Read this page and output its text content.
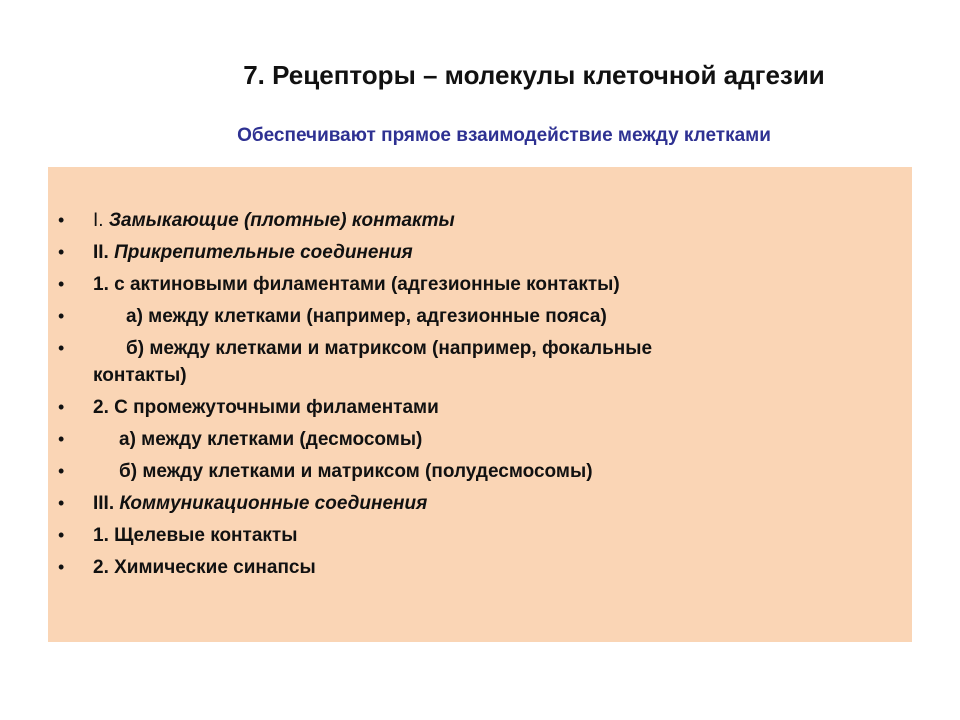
7. Рецепторы – молекулы клеточной адгезии
Обеспечивают прямое взаимодействие между клетками
• I. Замыкающие (плотные) контакты
• II. Прикрепительные соединения
• 1. с актиновыми филаментами (адгезионные контакты)
•	а) между клетками (например, адгезионные пояса)
•	б) между клетками и матриксом (например, фокальные
контакты)
• 2. С промежуточными филаментами
•	а) между клетками (десмосомы)
•	б) между клетками и матриксом (полудесмосомы)
• III. Коммуникационные соединения
• 1. Щелевые контакты
• 2. Химические синапсы
